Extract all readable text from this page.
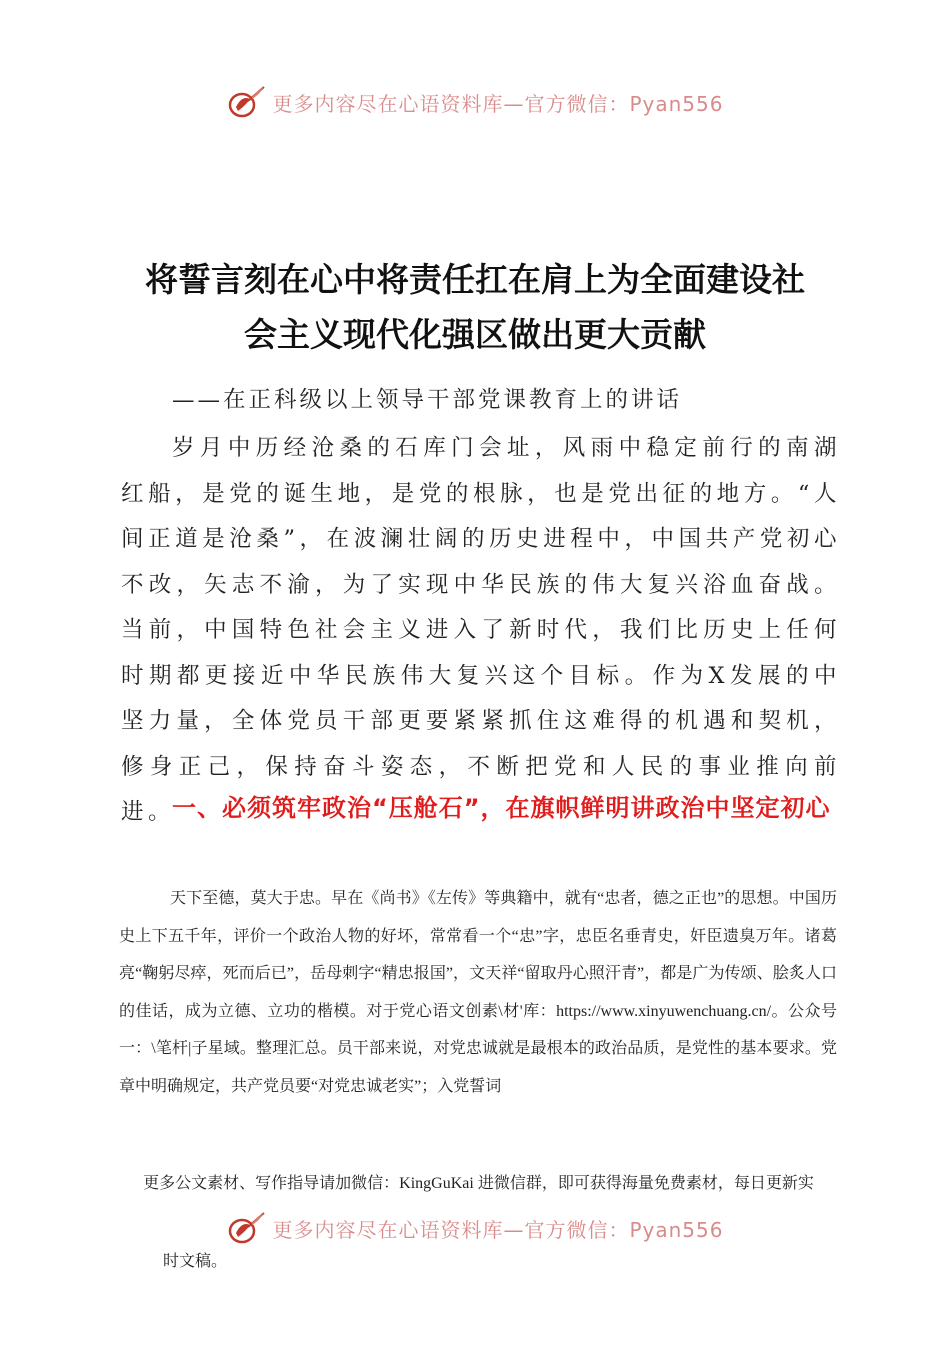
更多内容尽在心语资料库—官方微信：Pyan556
将誓言刻在心中将责任扛在肩上为全面建设社
会主义现代化强区做出更大贡献
——在正科级以上领导干部党课教育上的讲话

岁月中历经沧桑的石库门会址，风雨中稳定前行的南湖红船，是党的诞生地，是党的根脉，也是党出征的地方。“人间正道是沧桑”，在波澜壮阔的历史进程中，中国共产党初心不改，矢志不渝，为了实现中华民族的伟大复兴浴血奋战。当前，中国特色社会主义进入了新时代，我们比历史上任何时期都更接近中华民族伟大复兴这个目标。作为X发展的中坚力量，全体党员干部更要紧紧抓住这难得的机遇和契机，修身正己，保持奋斗姿态，不断把党和人民的事业推向前进。

一、必须筑牢政治“压舱石”，在旗帜鲜明讲政治中坚定初心

天下至德，莫大于忠。早在《尚书》《左传》等典籍中，就有“忠者，德之正也”的思想。中国历史上下五千年，评价一个政治人物的好坏，常常看一个“忠”字，忠臣名垂青史，奸臣遗臭万年。诸葛亮“鞠躬尽瘁，死而后已”，岳母刺字“精忠报国”，文天祥“留取丹心照汗青”，都是广为传颂、脍炙人口的佳话，成为立德、立功的楷模。对于党心语文创素\材'库：https://www.xinyuwenchuang.cn/。公众号一：\笔杆|子星域。整理汇总。员干部来说，对党忠诚就是最根本的政治品质，是党性的基本要求。党章中明确规定，共产党员要“对党忠诚老实”；入党誓词

更多公文素材、写作指导请加微信：KingGuKai 进微信群，即可获得海量免费素材，每日更新实

更多内容尽在心语资料库—官方微信：Pyan556

时文稿。
